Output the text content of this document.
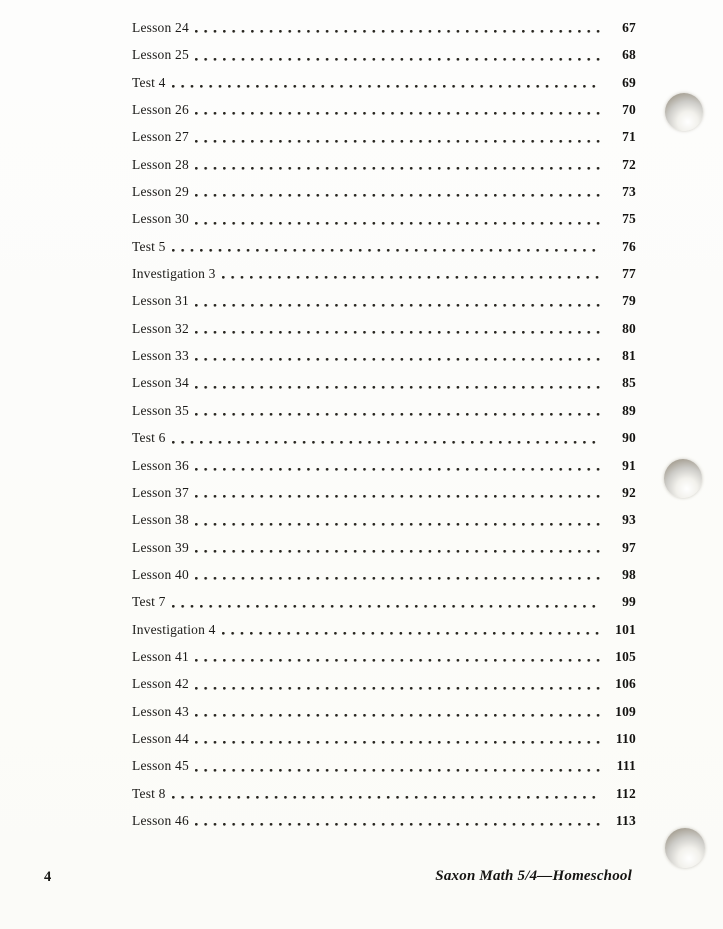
Lesson 24	67
Lesson 25	68
Test 4	69
Lesson 26	70
Lesson 27	71
Lesson 28	72
Lesson 29	73
Lesson 30	75
Test 5	76
Investigation 3	77
Lesson 31	79
Lesson 32	80
Lesson 33	81
Lesson 34	85
Lesson 35	89
Test 6	90
Lesson 36	91
Lesson 37	92
Lesson 38	93
Lesson 39	97
Lesson 40	98
Test 7	99
Investigation 4	101
Lesson 41	105
Lesson 42	106
Lesson 43	109
Lesson 44	110
Lesson 45	111
Test 8	112
Lesson 46	113
4	Saxon Math 5/4—Homeschool
